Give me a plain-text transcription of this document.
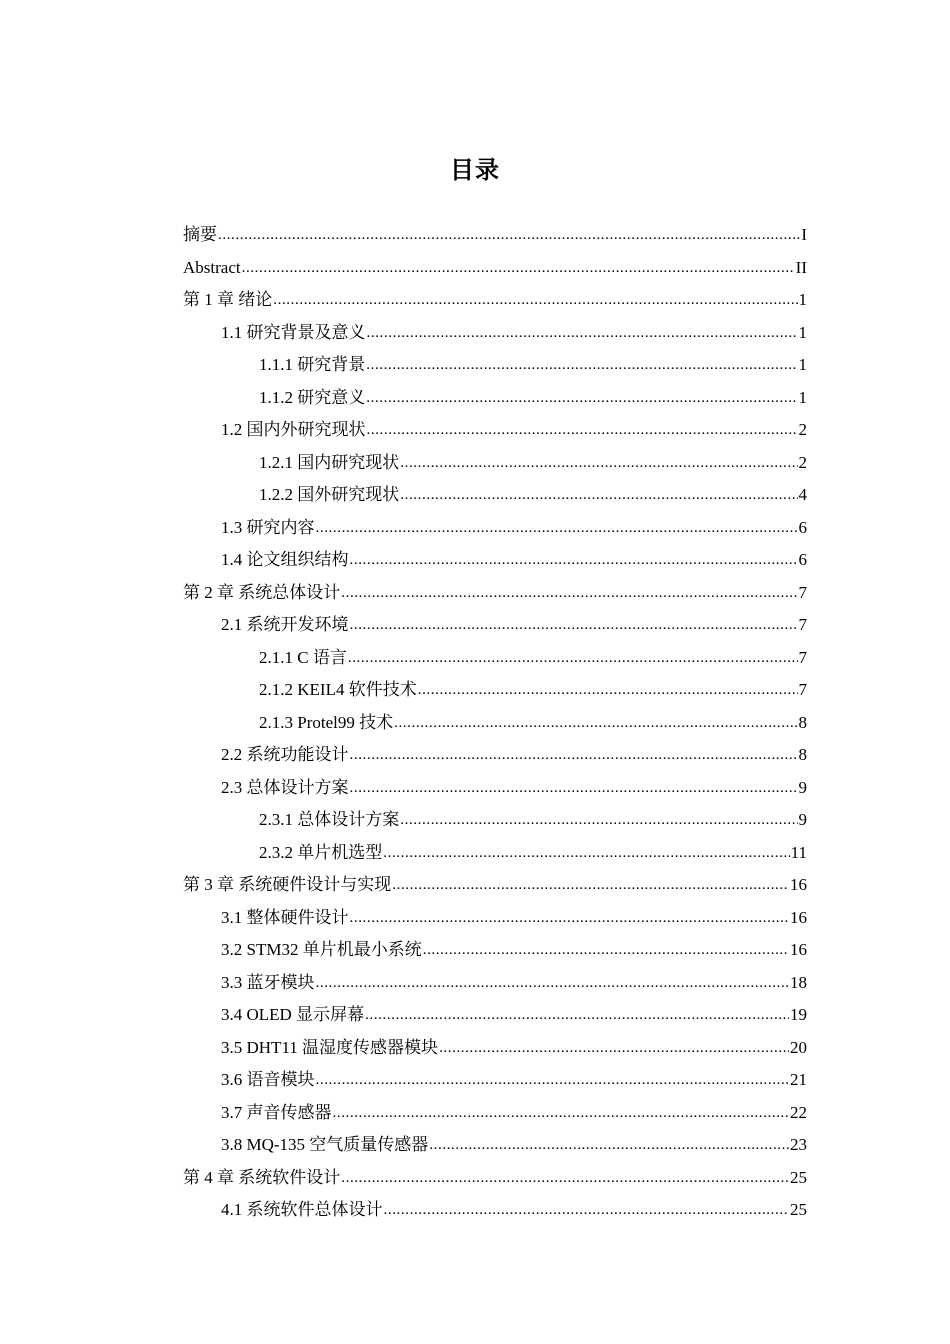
目录
摘要 .....	I
Abstract .....	II
第 1 章 绪论 .....	1
1.1 研究背景及意义 .....	1
1.1.1 研究背景 .....	1
1.1.2 研究意义 .....	1
1.2 国内外研究现状 .....	2
1.2.1 国内研究现状 .....	2
1.2.2 国外研究现状 .....	4
1.3 研究内容 .....	6
1.4 论文组织结构 .....	6
第 2 章 系统总体设计 .....	7
2.1 系统开发环境 .....	7
2.1.1 C 语言 .....	7
2.1.2 KEIL4 软件技术 .....	7
2.1.3 Protel99 技术 .....	8
2.2 系统功能设计 .....	8
2.3 总体设计方案 .....	9
2.3.1 总体设计方案 .....	9
2.3.2 单片机选型 .....	11
第 3 章 系统硬件设计与实现 .....	16
3.1 整体硬件设计 .....	16
3.2 STM32 单片机最小系统 .....	16
3.3 蓝牙模块 .....	18
3.4 OLED 显示屏幕 .....	19
3.5 DHT11 温湿度传感器模块 .....	20
3.6 语音模块 .....	21
3.7 声音传感器 .....	22
3.8 MQ-135 空气质量传感器 .....	23
第 4 章 系统软件设计 .....	25
4.1 系统软件总体设计 .....	25
